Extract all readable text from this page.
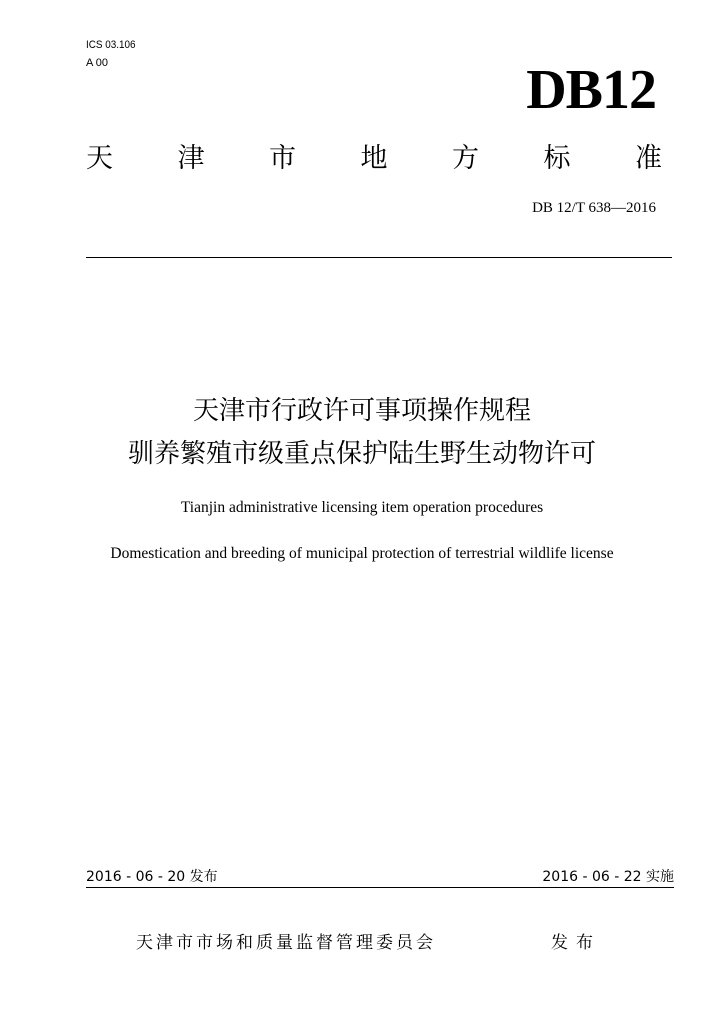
ICS 03.106
A 00	DB12
天 津 市 地 方 标 准
DB 12/T 638—2016
天津市行政许可事项操作规程
驯养繁殖市级重点保护陆生野生动物许可
Tianjin administrative licensing item operation procedures
Domestication and breeding of municipal protection of terrestrial wildlife license
2016 - 06 - 20 发布	2016 - 06 - 22 实施
天津市市场和质量监督管理委员会	发布
